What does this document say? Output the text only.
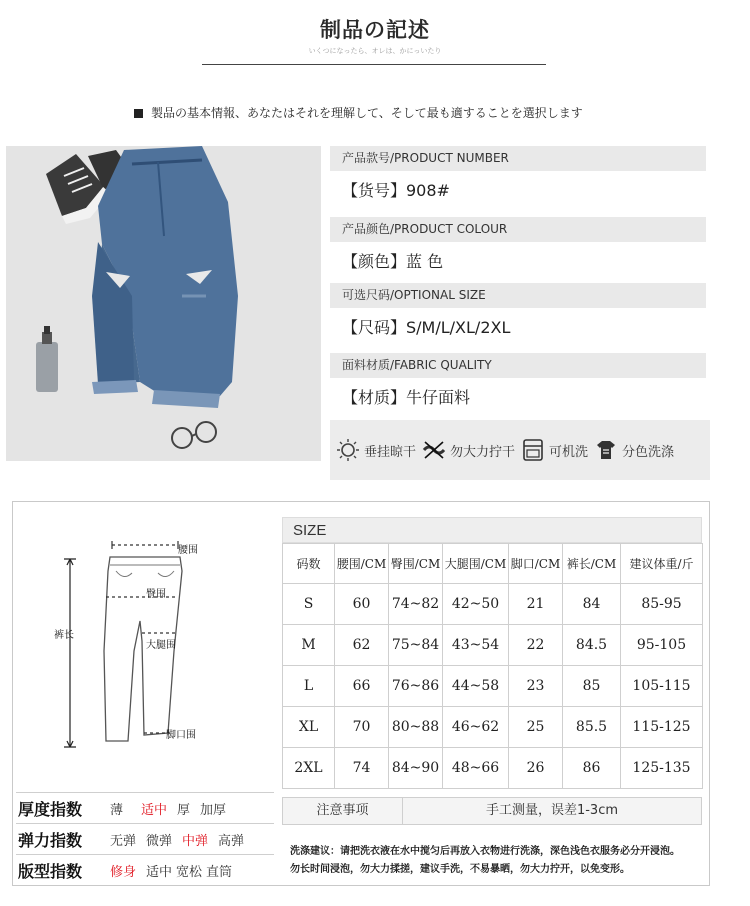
制品の記述
いくつになったら、オレは、かにっいたり
製品の基本情報、あなたはそれを理解して、そして最も適することを選択します
产品款号/PRODUCT NUMBER
【货号】908#
产品颜色/PRODUCT COLOUR
【颜色】蓝 色
可选尺码/OPTIONAL SIZE
【尺码】S/M/L/XL/2XL
面料材质/FABRIC QUALITY
【材质】牛仔面料
垂挂晾干	勿大力拧干	可机洗	分色洗涤
腰围
臀围
大腿围
裤长
脚口围
SIZE
码数	腰围/CM	臀围/CM	大腿围/CM	脚口/CM	裤长/CM	建议体重/斤
S	60	74~82	42~50	21	84	85-95
M	62	75~84	43~54	22	84.5	95-105
L	66	76~86	44~58	23	85	105-115
XL	70	80~88	46~62	25	85.5	115-125
2XL	74	84~90	48~66	26	86	125-135
注意事项	手工测量，误差1-3cm
洗涤建议：请把洗衣液在水中搅匀后再放入衣物进行洗涤，深色浅色衣服务必分开浸泡。
勿长时间浸泡，勿大力揉搓，建议手洗，不易暴晒，勿大力拧开，以免变形。
厚度指数	薄 适中 厚 加厚
弹力指数	无弹 微弹 中弹 高弹
版型指数	修身 适中 宽松 直筒
